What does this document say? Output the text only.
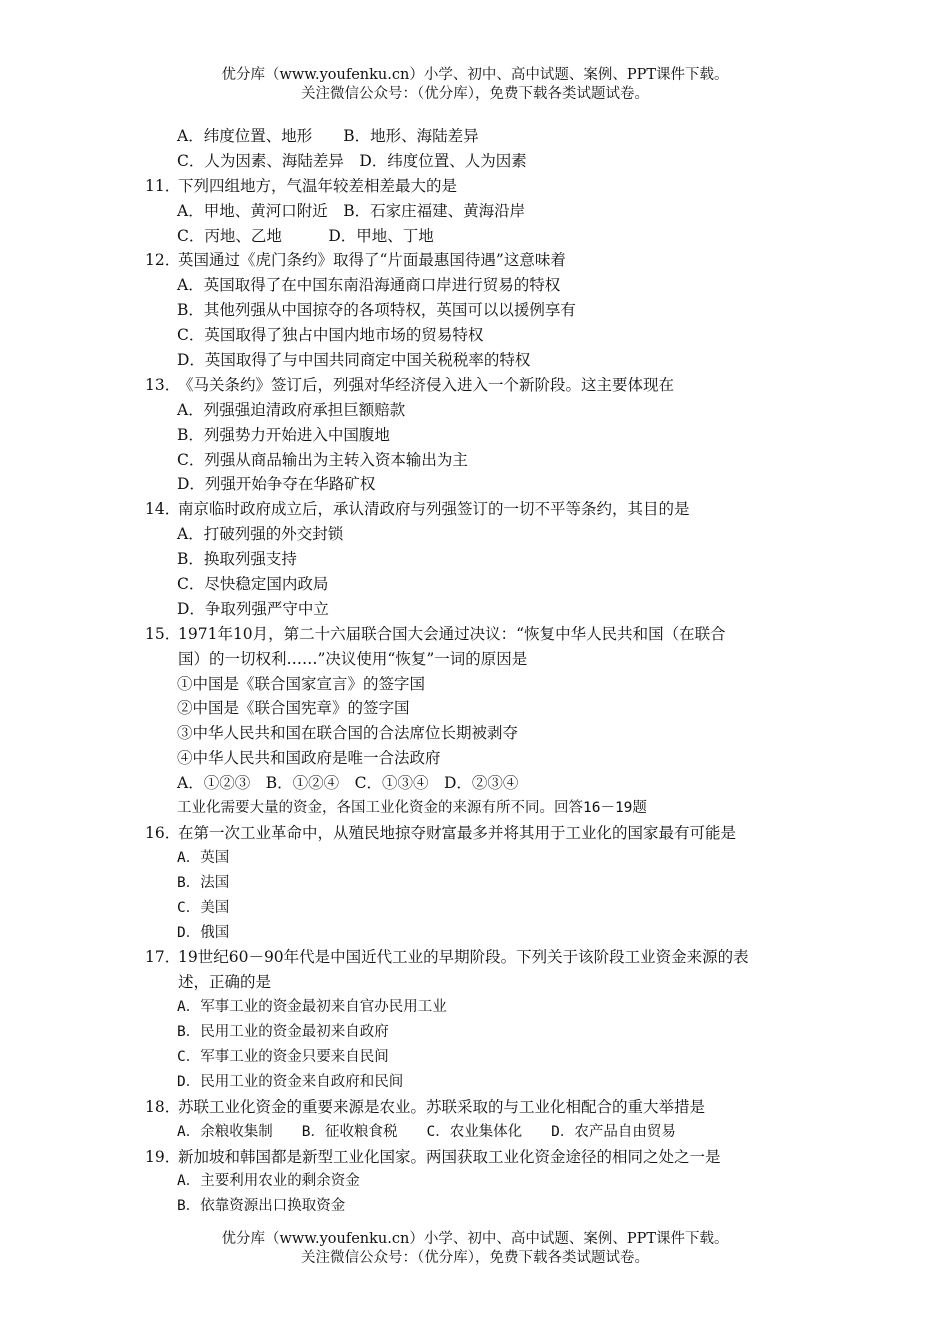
优分库（www.youfenku.cn）小学、初中、高中试题、案例、PPT课件下载。
关注微信公众号：（优分库），免费下载各类试题试卷。
A．纬度位置、地形　　B．地形、海陆差异
C．人为因素、海陆差异　D．纬度位置、人为因素
11．下列四组地方，气温年较差相差最大的是
A．甲地、黄河口附近　B．石家庄福建、黄海沿岸
C．丙地、乙地　　　D．甲地、丁地
12．英国通过《虎门条约》取得了“片面最惠国待遇”这意味着
A．英国取得了在中国东南沿海通商口岸进行贸易的特权
B．其他列强从中国掠夺的各项特权，英国可以以援例享有
C．英国取得了独占中国内地市场的贸易特权
D．英国取得了与中国共同商定中国关税税率的特权
13．《马关条约》签订后，列强对华经济侵入进入一个新阶段。这主要体现在
A．列强强迫清政府承担巨额赔款
B．列强势力开始进入中国腹地
C．列强从商品输出为主转入资本输出为主
D．列强开始争夺在华路矿权
14．南京临时政府成立后，承认清政府与列强签订的一切不平等条约，其目的是
A．打破列强的外交封锁
B．换取列强支持
C．尽快稳定国内政局
D．争取列强严守中立
15．1971年10月，第二十六届联合国大会通过决议：“恢复中华人民共和国（在联合
国）的一切权利……”决议使用“恢复”一词的原因是
①中国是《联合国家宣言》的签字国
②中国是《联合国宪章》的签字国
③中华人民共和国在联合国的合法席位长期被剥夺
④中华人民共和国政府是唯一合法政府
A．①②③　B．①②④　C．①③④　D．②③④
工业化需要大量的资金，各国工业化资金的来源有所不同。回答16－19题
16．在第一次工业革命中，从殖民地掠夺财富最多并将其用于工业化的国家最有可能是
A．英国
B．法国
C．美国
D．俄国
17．19世纪60－90年代是中国近代工业的早期阶段。下列关于该阶段工业资金来源的表
述，正确的是
A．军事工业的资金最初来自官办民用工业
B．民用工业的资金最初来自政府
C．军事工业的资金只要来自民间
D．民用工业的资金来自政府和民间
18．苏联工业化资金的重要来源是农业。苏联采取的与工业化相配合的重大举措是
A．余粮收集制　　B．征收粮食税　　C．农业集体化　　D．农产品自由贸易
19．新加坡和韩国都是新型工业化国家。两国获取工业化资金途径的相同之处之一是
A．主要利用农业的剩余资金
B．依靠资源出口换取资金
优分库（www.youfenku.cn）小学、初中、高中试题、案例、PPT课件下载。
关注微信公众号：（优分库），免费下载各类试题试卷。
